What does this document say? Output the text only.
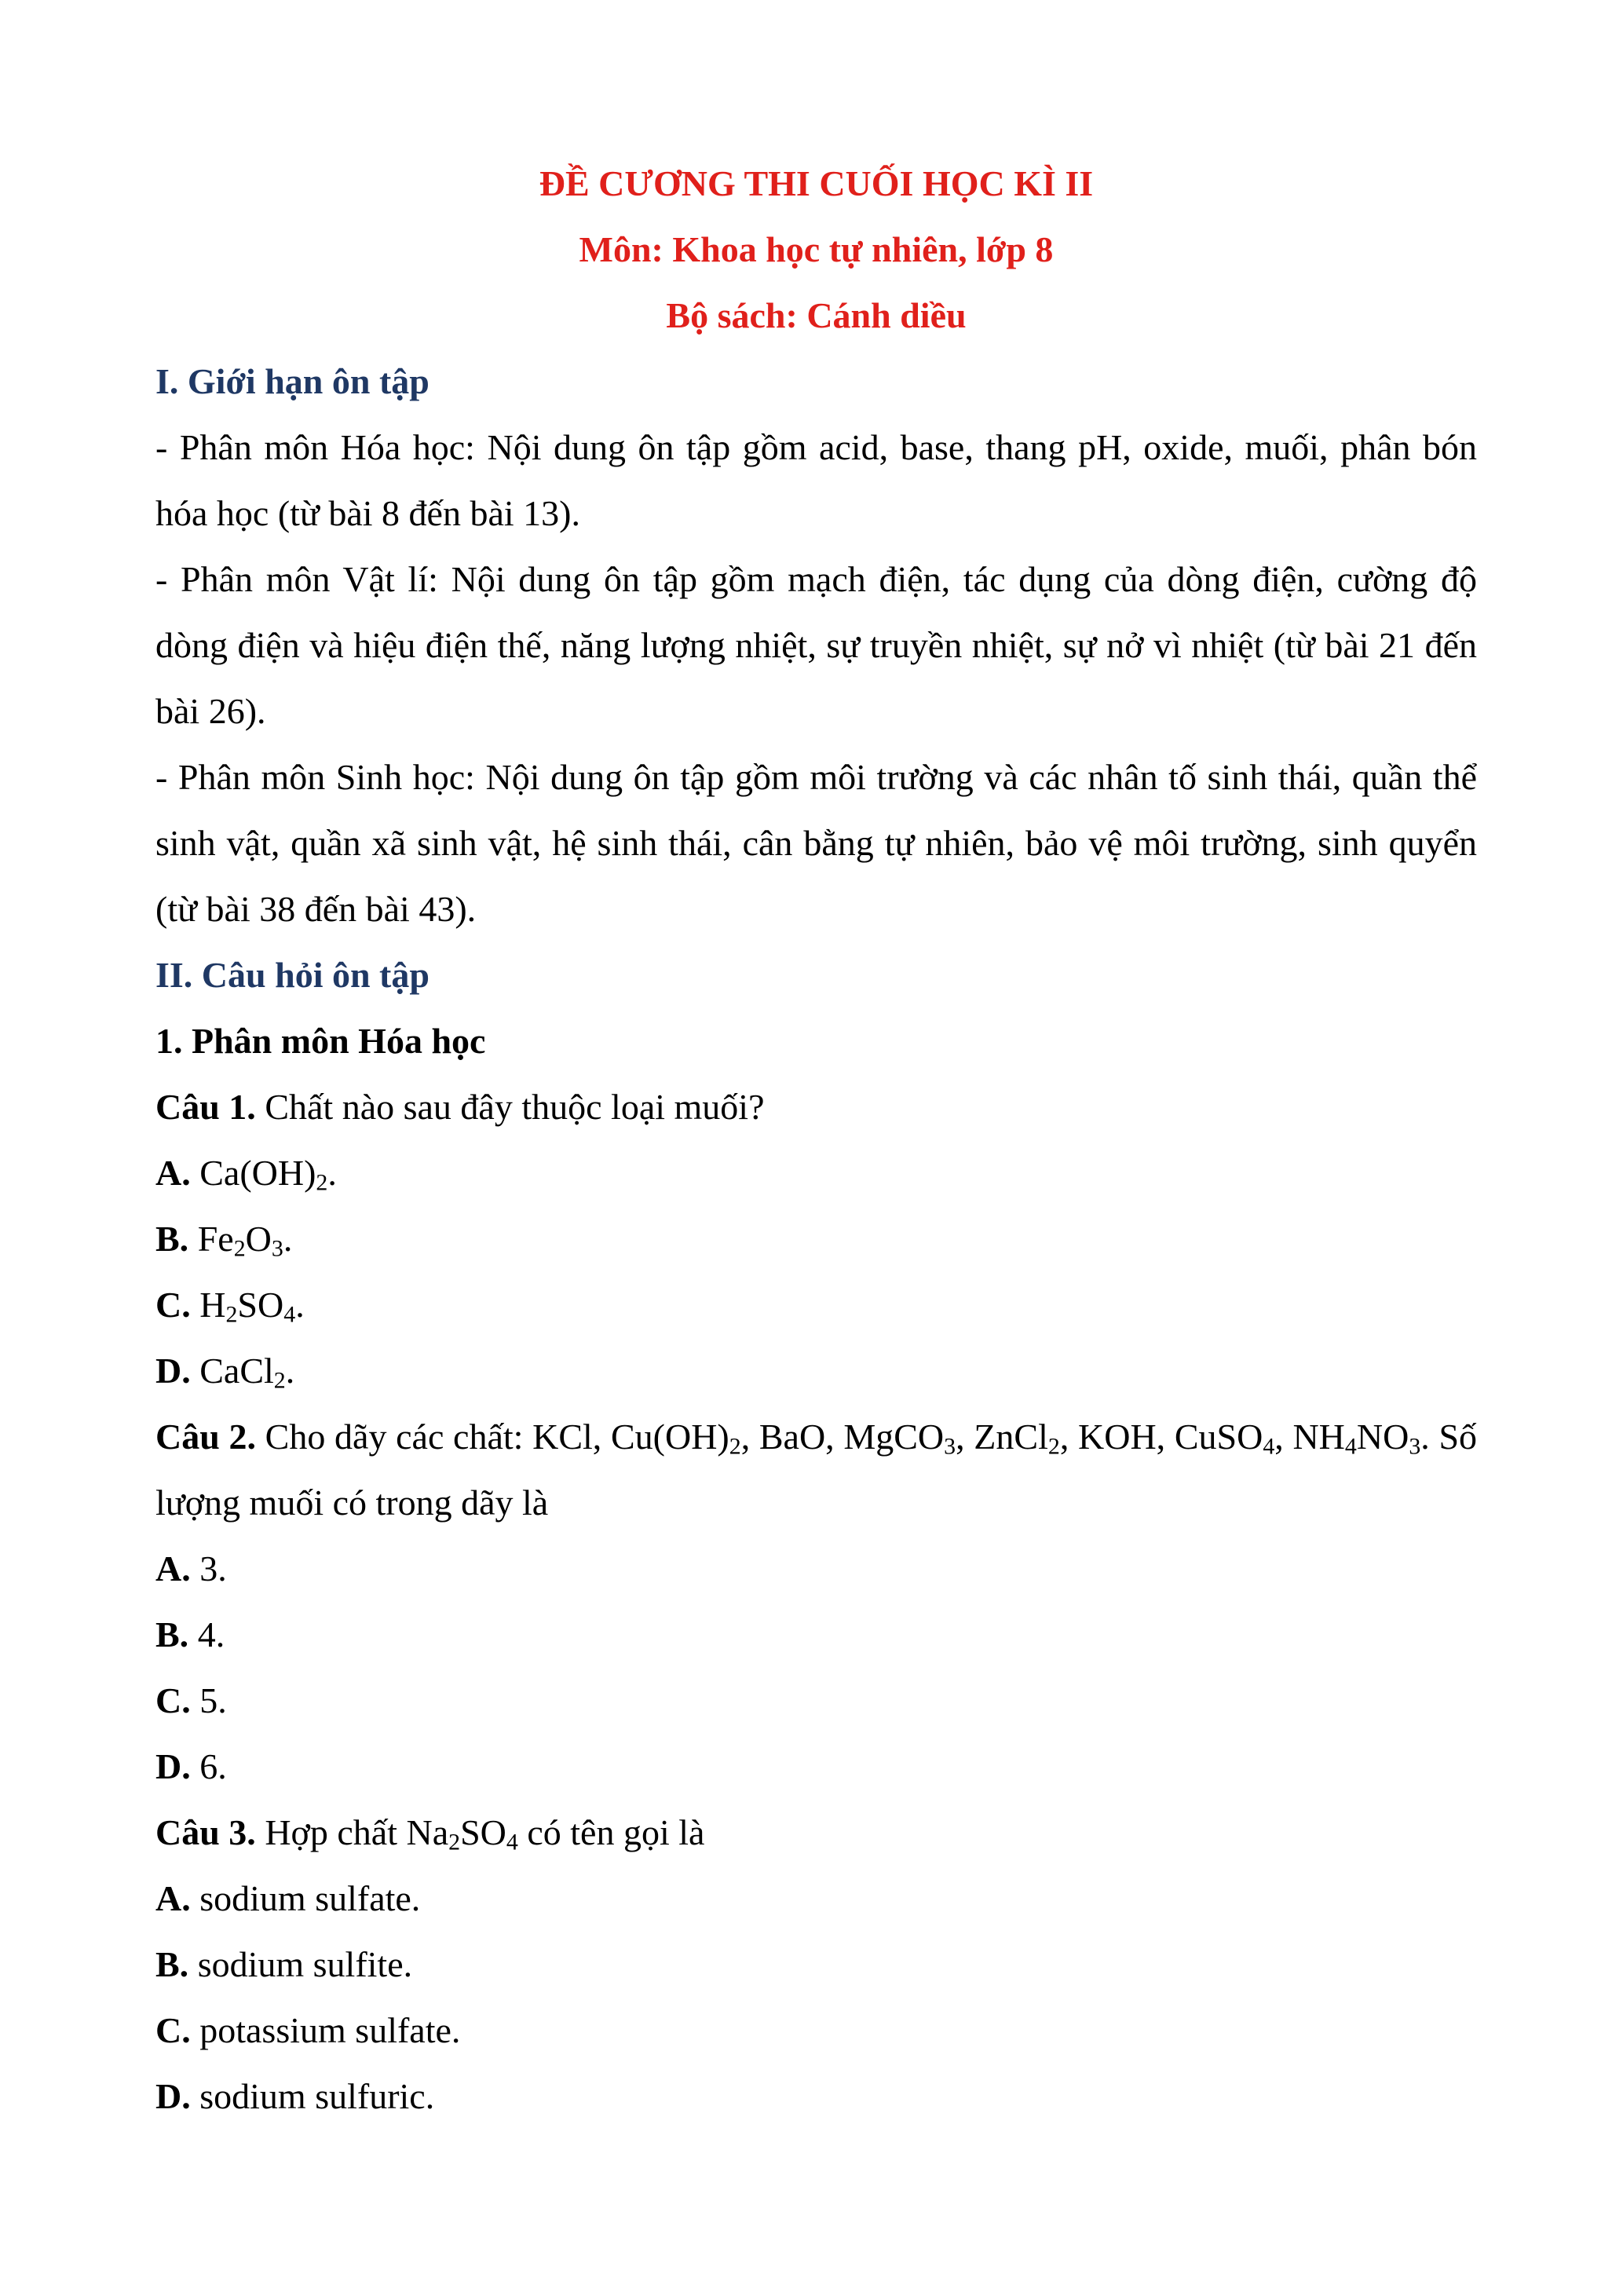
ĐỀ CƯƠNG THI CUỐI HỌC KÌ II
Môn: Khoa học tự nhiên, lớp 8
Bộ sách: Cánh diều
I. Giới hạn ôn tập

- Phân môn Hóa học: Nội dung ôn tập gồm acid, base, thang pH, oxide, muối, phân bón hóa học (từ bài 8 đến bài 13).

- Phân môn Vật lí: Nội dung ôn tập gồm mạch điện, tác dụng của dòng điện, cường độ dòng điện và hiệu điện thế, năng lượng nhiệt, sự truyền nhiệt, sự nở vì nhiệt (từ bài 21 đến bài 26).

- Phân môn Sinh học: Nội dung ôn tập gồm môi trường và các nhân tố sinh thái, quần thể sinh vật, quần xã sinh vật, hệ sinh thái, cân bằng tự nhiên, bảo vệ môi trường, sinh quyển (từ bài 38 đến bài 43).

II. Câu hỏi ôn tập
1. Phân môn Hóa học
Câu 1. Chất nào sau đây thuộc loại muối?
A. $Ca(OH)_2$.
B. $Fe_2O_3$.
C. $H_2SO_4$.
D. CaCl$_2$.

Câu 2. Cho dãy các chất: KCl, $Cu(OH)_2$, BaO, MgCO$_3$, ZnCl$_2$, KOH, CuSO$_4$, $NH_4NO_3$. Số lượng muối có trong dãy là

A. 3.
B. 4.
C. 5.
D. 6.
Câu 3. Hợp chất $Na_2SO_4$ có tên gọi là
A. sodium sulfate.
B. sodium sulfite.
C. potassium sulfate.
D. sodium sulfuric.
